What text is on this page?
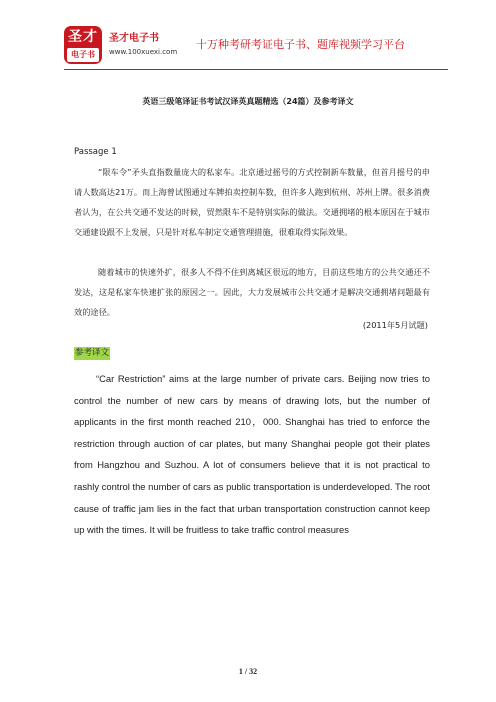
圣才
电子书
圣才电子书
www.100xuexi.com
十万种考研考证电子书、题库视频学习平台
英语三级笔译证书考试汉译英真题精选（24篇）及参考译文
Passage 1

“限车令”矛头直指数量庞大的私家车。北京通过摇号的方式控制新车数量，但首月摇号的申请人数高达21万。而上海曾试图通过车牌拍卖控制车数，但许多人跑到杭州、苏州上牌。很多消费者认为，在公共交通不发达的时候，贸然限车不是特别实际的做法。交通拥堵的根本原因在于城市交通建设跟不上发展，只是针对私车制定交通管理措施，很难取得实际效果。

随着城市的快速外扩，很多人不得不住到离城区很远的地方，目前这些地方的公共交通还不发达，这是私家车快速扩张的原因之一。因此，大力发展城市公共交通才是解决交通拥堵问题最有效的途径。

(2011年5月试题)
参考译文

“Car Restriction” aims at the large number of private cars. Beijing now tries to control the number of new cars by means of drawing lots, but the number of applicants in the first month reached 210，000. Shanghai has tried to enforce the restriction through auction of car plates, but many Shanghai people got their plates from Hangzhou and Suzhou. A lot of consumers believe that it is not practical to rashly control the number of cars as public transportation is underdeveloped. The root cause of traffic jam lies in the fact that urban transportation construction cannot keep up with the times. It will be fruitless to take traffic control measures

1 / 32
